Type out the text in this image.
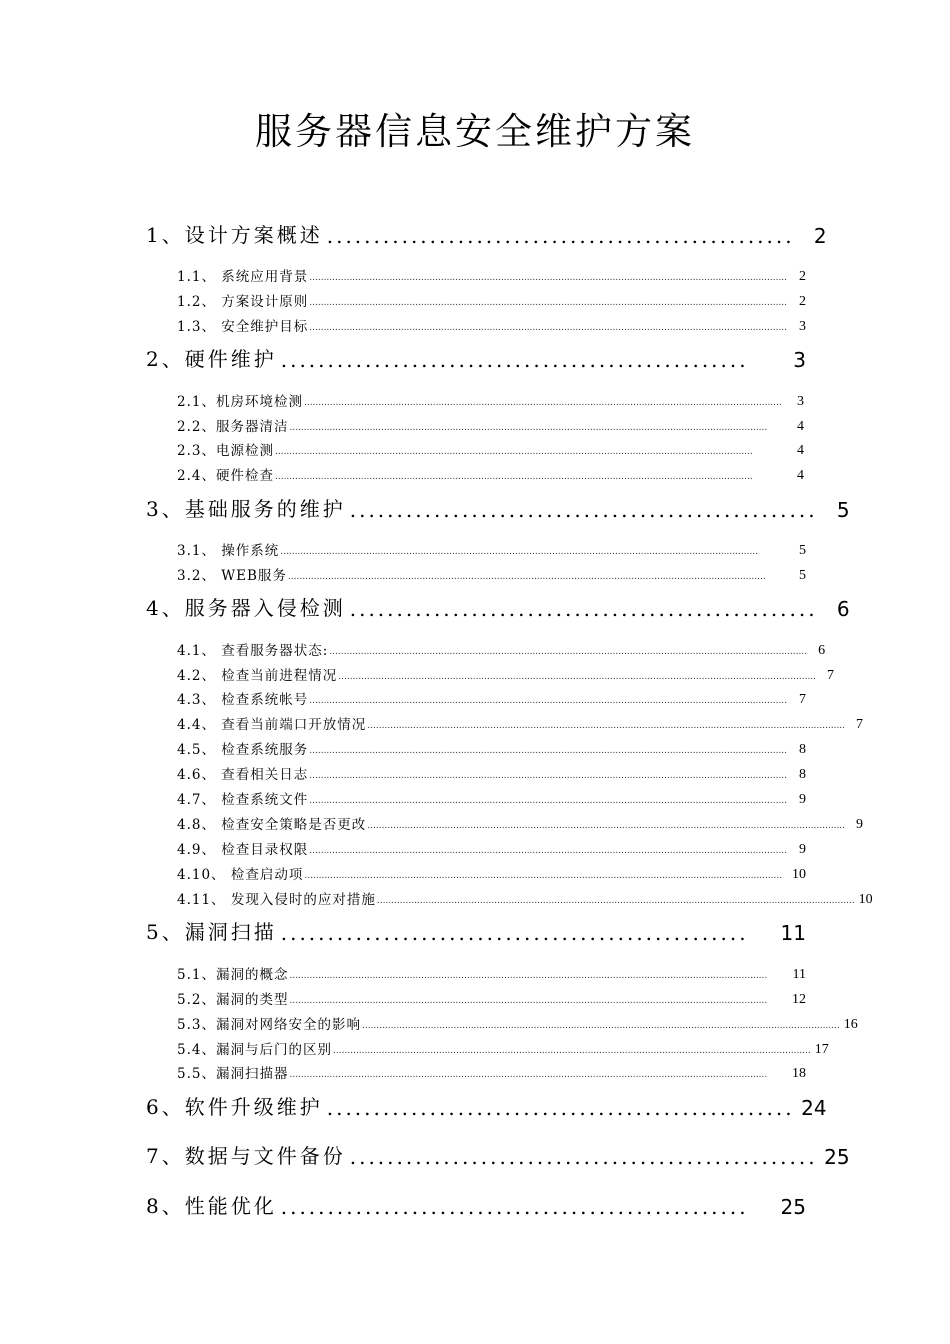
服务器信息安全维护方案
1、设计方案概述 .................................................. 2
1.1、 系统应用背景 ....................................................................................................................................................................... 2
1.2、 方案设计原则 ....................................................................................................................................................................... 2
1.3、 安全维护目标 ....................................................................................................................................................................... 3
2、硬件维护 ..................................................	3
2.1、机房环境检测 .......................................................................................................................................................................	3
2.2、服务器清洁 .......................................................................................................................................................................	4
2.3、电源检测 .......................................................................................................................................................................	4
2.4、硬件检查 .......................................................................................................................................................................	4
3、基础服务的维护 .................................................. 5
3.1、 操作系统 .......................................................................................................................................................................	5
3.2、 WEB服务 .......................................................................................................................................................................	5
4、服务器入侵检测 .................................................. 6
4.1、 查看服务器状态: ....................................................................................................................................................................... 6
4.2、 检查当前进程情况 ....................................................................................................................................................................... 7
4.3、 检查系统帐号 ....................................................................................................................................................................... 7
4.4、 查看当前端口开放情况 ....................................................................................................................................................................... 7
4.5、 检查系统服务 ....................................................................................................................................................................... 8
4.6、 查看相关日志 ....................................................................................................................................................................... 8
4.7、 检查系统文件 ....................................................................................................................................................................... 9
4.8、 检查安全策略是否更改 ....................................................................................................................................................................... 9
4.9、 检查目录权限 ....................................................................................................................................................................... 9
4.10、 检查启动项 ....................................................................................................................................................................... 10
4.11、 发现入侵时的应对措施 ....................................................................................................................................................................... 10
5、漏洞扫描 ..................................................	11
5.1、漏洞的概念 .......................................................................................................................................................................	11
5.2、漏洞的类型 .......................................................................................................................................................................	12
5.3、漏洞对网络安全的影响 ....................................................................................................................................................................... 16
5.4、漏洞与后门的区别 ....................................................................................................................................................................... 17
5.5、漏洞扫描器 .......................................................................................................................................................................	18
6、软件升级维护 .................................................. 24
7、数据与文件备份 .................................................. 25
8、性能优化 ..................................................	25
